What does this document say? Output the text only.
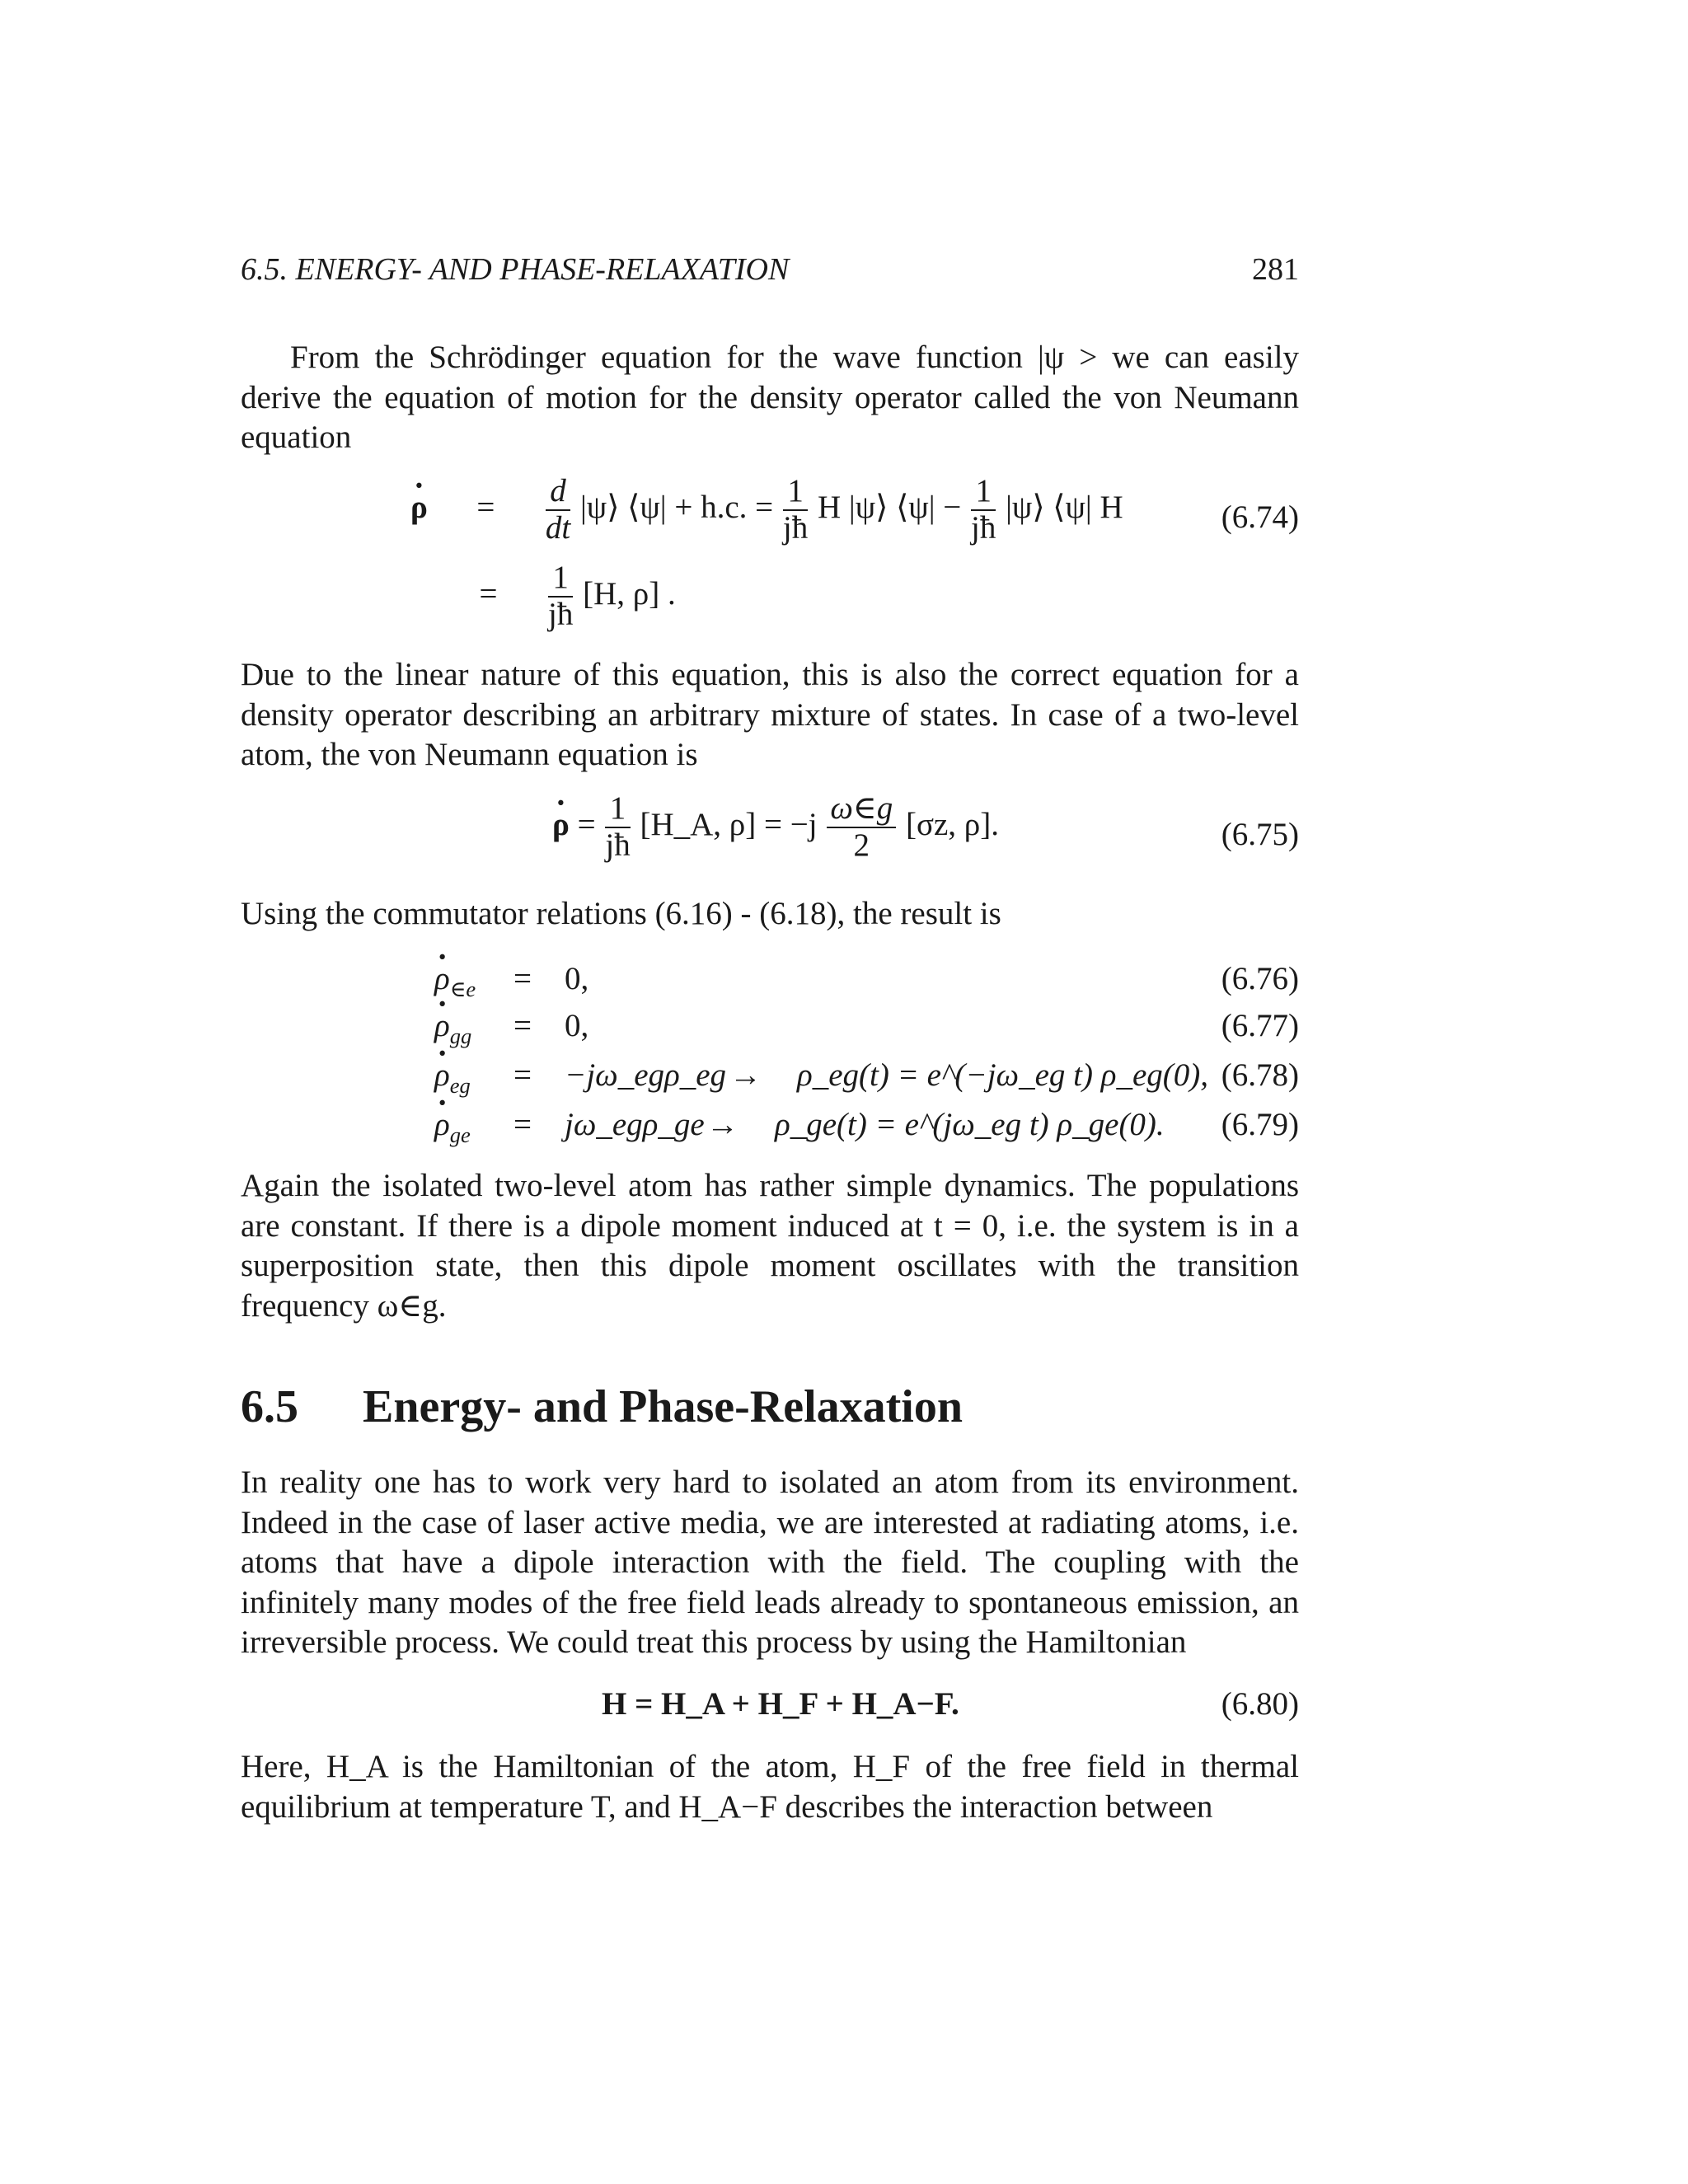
6.5. ENERGY- AND PHASE-RELAXATION	281
From the Schrödinger equation for the wave function |ψ > we can easily derive the equation of motion for the density operator called the von Neumann equation
· $\rho = \frac{d}{dt}$ |ψ⟩ ⟨ψ| + h.c. = $\frac{1}{jħ}$ H |ψ⟩ ⟨ψ| − $\frac{1}{jħ}$ |ψ⟩ ⟨ψ| H	(6.74)
= $\frac{1}{jħ} [H$, ρ] .
Due to the linear nature of this equation, this is also the correct equation for a density operator describing an arbitrary mixture of states. In case of a two-level atom, the von Neumann equation is
· $\rho = \frac{1}{jħ}$ [H_A, $\rho] = -j \frac{\omega\in g}{2} [\sigma z$, ρ].	(6.75)
Using the commutator relations (6.16) - (6.18), the result is
· $\rho_{\in e} = 0$,	(6.76)
· $\rho_{gg} = 0$,	(6.77)
· $\rho_{eg}$ = −jω_egρ_eg → ρ_eg(t) = e^(−jω_eg t) ρ_eg(0), (6.78)
· $\rho_{ge}$ = jω_egρ_ge → ρ_ge(t) = e^(jω_eg t) ρ_ge(0). (6.79)
Again the isolated two-level atom has rather simple dynamics. The populations are constant. If there is a dipole moment induced at t = 0, i.e. the system is in a superposition state, then this dipole moment oscillates with the transition frequency ω∈g.
6.5 Energy- and Phase-Relaxation
In reality one has to work very hard to isolated an atom from its environment. Indeed in the case of laser active media, we are interested at radiating atoms, i.e. atoms that have a dipole interaction with the field. The coupling with the infinitely many modes of the free field leads already to spontaneous emission, an irreversible process. We could treat this process by using the Hamiltonian
H = H_A + H_F + H_A−F.	(6.80)
Here, H_A is the Hamiltonian of the atom, H_F of the free field in thermal equilibrium at temperature T, and H_A−F describes the interaction between
